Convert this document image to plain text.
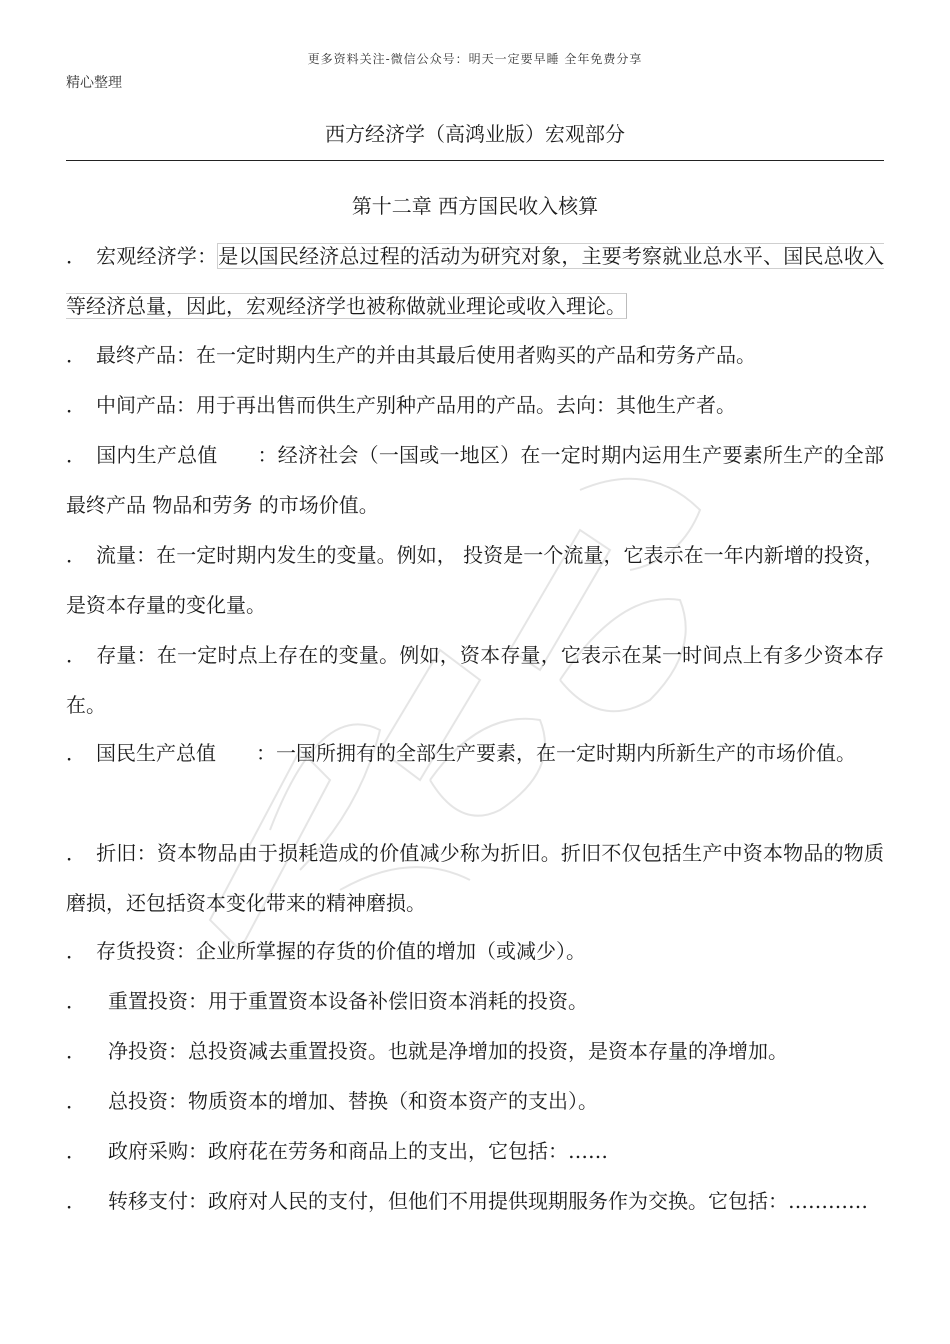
更多资料关注-微信公众号：明天一定要早睡 全年免费分享
精心整理
西方经济学（高鸿业版）宏观部分
第十二章 西方国民收入核算
． 宏观经济学：是以国民经济总过程的活动为研究对象，主要考察就业总水平、国民总收入等经济总量，因此，宏观经济学也被称做就业理论或收入理论。
． 最终产品：在一定时期内生产的并由其最后使用者购买的产品和劳务产品。
． 中间产品：用于再出售而供生产别种产品用的产品。去向：其他生产者。
． 国内生产总值 ：经济社会（一国或一地区）在一定时期内运用生产要素所生产的全部最终产品 物品和劳务 的市场价值。
． 流量：在一定时期内发生的变量。例如， 投资是一个流量，它表示在一年内新增的投资，是资本存量的变化量。
． 存量：在一定时点上存在的变量。例如，资本存量，它表示在某一时间点上有多少资本存在。
． 国民生产总值 ：一国所拥有的全部生产要素，在一定时期内所新生产的市场价值。
． 折旧：资本物品由于损耗造成的价值减少称为折旧。折旧不仅包括生产中资本物品的物质磨损，还包括资本变化带来的精神磨损。
． 存货投资：企业所掌握的存货的价值的增加（或减少）。
． 重置投资：用于重置资本设备补偿旧资本消耗的投资。
． 净投资：总投资减去重置投资。也就是净增加的投资，是资本存量的净增加。
． 总投资：物质资本的增加、替换（和资本资产的支出）。
． 政府采购：政府花在劳务和商品上的支出，它包括：……
． 转移支付：政府对人民的支付，但他们不用提供现期服务作为交换。它包括：…………
